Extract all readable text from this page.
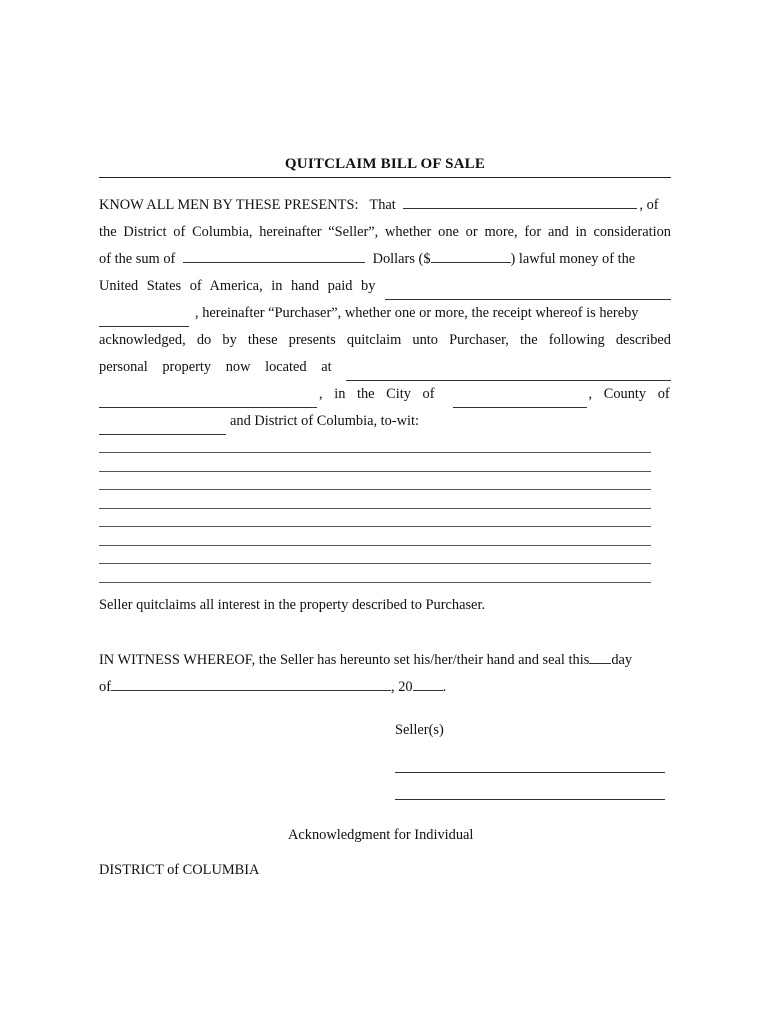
QUITCLAIM BILL OF SALE
KNOW ALL MEN BY THESE PRESENTS: That	, of
the District of Columbia, hereinafter “Seller”, whether one or more, for and in consideration
of the sum of	Dollars ($	) lawful money of the
United States of America, in hand paid by
, hereinafter “Purchaser”, whether one or more, the receipt whereof is hereby
acknowledged, do by these presents quitclaim unto Purchaser, the following described
personal property now located at
, in the City of	, County of
and District of Columbia, to-wit:
Seller quitclaims all interest in the property described to Purchaser.
IN WITNESS WHEREOF, the Seller has hereunto set his/her/their hand and seal this day
of	, 20 .
Seller(s)
Acknowledgment for Individual
DISTRICT of COLUMBIA
